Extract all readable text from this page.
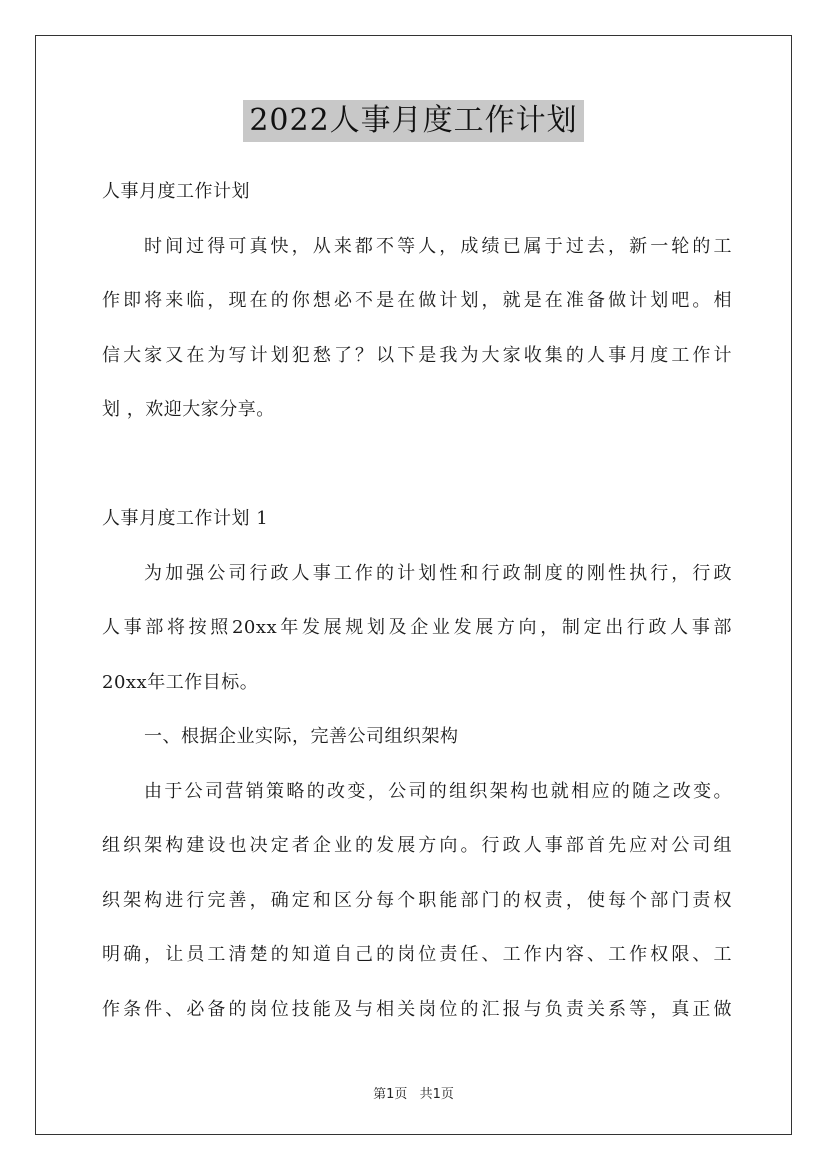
2022人事月度工作计划
人事月度工作计划
时间过得可真快，从来都不等人，成绩已属于过去，新一轮的工
作即将来临，现在的你想必不是在做计划，就是在准备做计划吧。相
信大家又在为写计划犯愁了？以下是我为大家收集的人事月度工作计
划 ，欢迎大家分享。
人事月度工作计划 1
为加强公司行政人事工作的计划性和行政制度的刚性执行，行政
人事部将按照20xx年发展规划及企业发展方向，制定出行政人事部
20xx年工作目标。
一、根据企业实际，完善公司组织架构
由于公司营销策略的改变，公司的组织架构也就相应的随之改变。
组织架构建设也决定者企业的发展方向。行政人事部首先应对公司组
织架构进行完善，确定和区分每个职能部门的权责，使每个部门责权
明确，让员工清楚的知道自己的岗位责任、工作内容、工作权限、工
作条件、必备的岗位技能及与相关岗位的汇报与负责关系等，真正做
第1页 共1页
